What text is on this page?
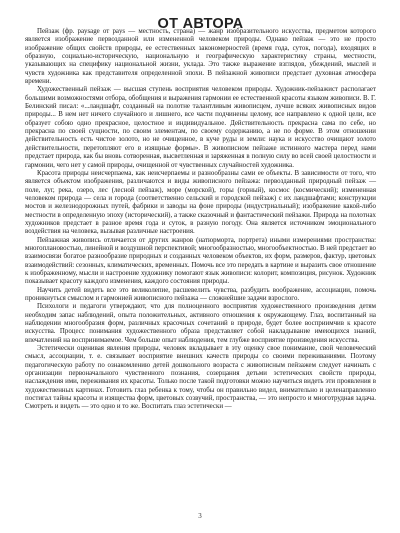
ОТ АВТОРА

Пейзаж (фр. paysage от pays — местность, страна) — жанр изобразительного искусства, предметом которого является изображение первозданной или измененной человеком природы. Однако пейзаж — это не просто изображение общих свойств природы, ее естественных закономерностей (время года, суток, погода), входящих в образную, социально-историческую, национальную и географическую характеристику страны, местности, указывающих на специфику национальной жизни, уклада. Это также выражение взглядов, убеждений, мыслей и чувств художника как представителя определенной эпохи. В пейзажной живописи предстает духовная атмосфера времени.

Художественный пейзаж — высшая ступень восприятия человеком природы. Художник-пейзажист располагает большими возможностями отбора, обобщения и выражения гармонии ее естественной красоты языком живописи. В. Г. Белинский писал: «...ландшафт, созданный на полотне талантливым живописцем, лучше всяких живописных видов природы... В нем нет ничего случайного и лишнего, все части подчинены целому, все направлено к одной цели, все образует собою одно прекрасное, целостное и индивидуальное. Действительность прекрасна сама по себе, но прекрасна по своей сущности, по своим элементам, по своему содержанию, а не по форме. В этом отношении действительность есть чистое золото, но не очищенное, в куче руды и земли: наука и искусство очищают золото действительности, перетопляют его в изящные формы». В живописном пейзаже истинного мастера перед нами предстает природа, как бы вновь сотворенная, высветленная и заряженная в полную силу во всей своей целостности и гармонии, чего нет у самой природы, очищенной от чувственных случайностей художника.

Красота природы неисчерпаема, как неисчерпаемы и разнообразны сами ее объекты. В зависимости от того, что является объектом изображения, различаются и виды живописного пейзажа: первозданный природный пейзаж — поле, луг, река, озеро, лес (лесной пейзаж), море (морской), горы (горный), космос (космический); измененная человеком природа — села и города (соответственно сельский и городской пейзаж) с их ландшафтами; конструкции мостов и железнодорожных путей, фабрики и заводы на фоне природы (индустриальный); изображение какой-либо местности в определенную эпоху (исторический), а также сказочный и фантастический пейзажи. Природа на полотнах художников предстает в разное время года и суток, в разную погоду. Она является источником эмоционального воздействия на человека, вызывая различные настроения.

Пейзажная живопись отличается от других жанров (натюрморта, портрета) иными измерениями пространства: многоплановостью, линейной и воздушной перспективой; многообразностью, многообъектностью. В ней предстает во взаимосвязи богатое разнообразие природных и созданных человеком объектов, их форм, размеров, фактур, цветовых взаимодействий: сезонных, климатических, временных. Помочь все это передать в картине и выразить свое отношение к изображенному, мысли и настроение художнику помогают язык живописи: колорит, композиция, рисунок. Художник показывает красоту каждого изменения, каждого состояния природы.

Научить детей видеть все это великолепие, расшевелить чувства, разбудить воображение, ассоциации, помочь проникнуться смыслом и гармонией живописного пейзажа — сложнейшие задачи взрослого.

Психологи и педагоги утверждают, что для полноценного восприятия художественного произведения детям необходим запас наблюдений, опыта положительных, активного отношения к окружающему. Глаз, воспитанный на наблюдении многообразия форм, различных красочных сочетаний в природе, будет более восприимчив к красоте искусства. Процесс понимания художественного образа представляет собой накладывание имеющихся знаний, впечатлений на воспринимаемое. Чем больше опыт наблюдения, тем глубже восприятие произведения искусства.

Эстетически оценивая явления природы, человек вкладывает в эту оценку свое понимание, свой человеческий смысл, ассоциации, т. е. связывает восприятие внешних качеств природы со своими переживаниями. Поэтому педагогическую работу по ознакомлению детей дошкольного возраста с живописным пейзажем следует начинать с организации первоначального чувственного познания, созерцания детьми эстетических свойств природы, наслаждения ими, переживания их красоты. Только после такой подготовки можно научиться видеть эти проявления в художественных картинах. Готовить глаз ребенка к тому, чтобы он правильно видел, внимательно и целенаправленно постигал тайны красоты и изящества форм, цветовых созвучий, пространства, — это непросто и многотрудная задача. Смотреть и видеть — это одно и то же. Воспитать глаз эстетически —

3
